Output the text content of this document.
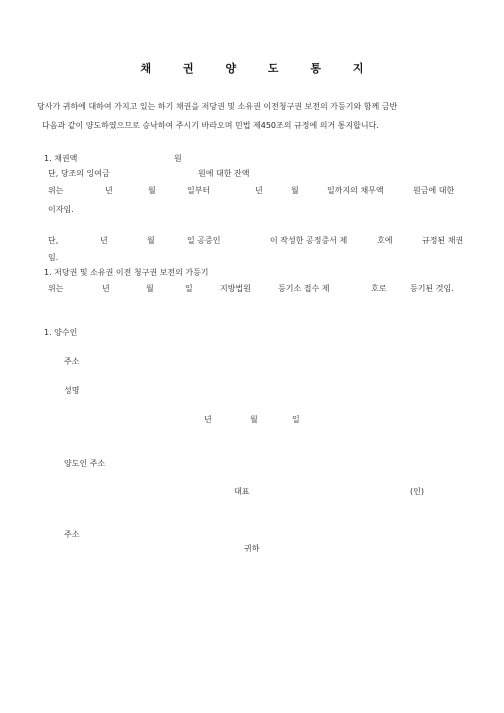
채 권 양 도 통 지
당사가 귀하에 대하여 가지고 있는 하기 채권을 저당권 및 소유권 이전청구권 보전의 가등기와 함께 금반
다음과 같이 양도하였으므로 승낙하여 주시기 바라오며 민법 제450조의 규정에 의거 통지합니다.
1. 채권액	원
단, 당조의 잉여금	원에 대한 잔액
위는	년	월	일부터	년	월	일까지의 채무액	원금에 대한
이자임.
단,	년	월	일 공증인	이 작성한 공정증서 제	호에	규정된 채권
임.
1. 저당권 및 소유권 이전 청구권 보전의 가등기
위는	년	월	일	지방법원	등기소 접수 제	호로	등기된 것임.
1. 양수인
주소
성명
년	월	일
양도인 주소
대표	(인)
주소
귀하
